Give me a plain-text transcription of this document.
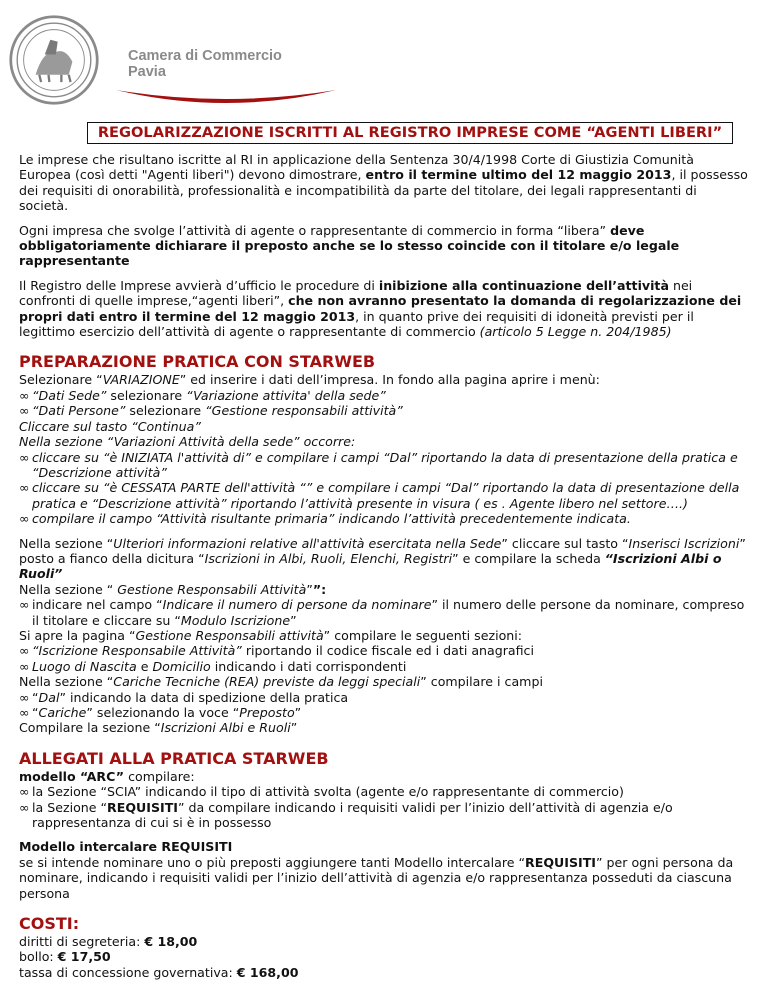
Camera di Commercio
Pavia
REGOLARIZZAZIONE ISCRITTI AL REGISTRO IMPRESE COME “AGENTI LIBERI”

Le imprese che risultano iscritte al RI in applicazione della Sentenza 30/4/1998 Corte di Giustizia Comunità Europea (così detti "Agenti liberi") devono dimostrare, entro il termine ultimo del 12 maggio 2013, il possesso dei requisiti di onorabilità, professionalità e incompatibilità da parte del titolare, dei legali rappresentanti di società.

Ogni impresa che svolge l’attività di agente o rappresentante di commercio in forma “libera” deve obbligatoriamente dichiarare il preposto anche se lo stesso coincide con il titolare e/o legale rappresentante

Il Registro delle Imprese avvierà d’ufficio le procedure di inibizione alla continuazione dell’attività nei confronti di quelle imprese,“agenti liberi”, che non avranno presentato la domanda di regolarizzazione dei propri dati entro il termine del 12 maggio 2013, in quanto prive dei requisiti di idoneità previsti per il legittimo esercizio dell’attività di agente o rappresentante di commercio (articolo 5 Legge n. 204/1985)

PREPARAZIONE PRATICA CON STARWEB
Selezionare “VARIAZIONE” ed inserire i dati dell’impresa. In fondo alla pagina aprire i menù:
∞ “Dati Sede” selezionare “Variazione attivita' della sede”
∞ “Dati Persone” selezionare “Gestione responsabili attività”
Cliccare sul tasto “Continua”
Nella sezione “Variazioni Attività della sede” occorre:
∞ cliccare su “è INIZIATA l'attività di” e compilare i campi “Dal” riportando la data di presentazione della pratica e “Descrizione attività”
∞ cliccare su “è CESSATA PARTE dell'attività “” e compilare i campi “Dal” riportando la data di presentazione della pratica e “Descrizione attività” riportando l’attività presente in visura ( es . Agente libero nel settore….)
∞ compilare il campo “Attività risultante primaria” indicando l’attività precedentemente indicata.
Nella sezione “Ulteriori informazioni relative all'attività esercitata nella Sede” cliccare sul tasto “Inserisci Iscrizioni” posto a fianco della dicitura “Iscrizioni in Albi, Ruoli, Elenchi, Registri” e compilare la scheda “Iscrizioni Albi o Ruoli”
Nella sezione “ Gestione Responsabili Attività””:
∞ indicare nel campo “Indicare il numero di persone da nominare” il numero delle persone da nominare, compreso il titolare e cliccare su “Modulo Iscrizione”
Si apre la pagina “Gestione Responsabili attività” compilare le seguenti sezioni:
∞ “Iscrizione Responsabile Attività” riportando il codice fiscale ed i dati anagrafici
∞ Luogo di Nascita e Domicilio indicando i dati corrispondenti
Nella sezione “Cariche Tecniche (REA) previste da leggi speciali” compilare i campi
∞ “Dal” indicando la data di spedizione della pratica
∞ “Cariche” selezionando la voce “Preposto”
Compilare la sezione “Iscrizioni Albi e Ruoli”
ALLEGATI ALLA PRATICA STARWEB
modello “ARC” compilare:
∞ la Sezione “SCIA” indicando il tipo di attività svolta (agente e/o rappresentante di commercio)
∞ la Sezione “REQUISITI” da compilare indicando i requisiti validi per l’inizio dell’attività di agenzia e/o rappresentanza di cui si è in possesso
Modello intercalare REQUISITI
se si intende nominare uno o più preposti aggiungere tanti Modello intercalare “REQUISITI” per ogni persona da nominare, indicando i requisiti validi per l’inizio dell’attività di agenzia e/o rappresentanza posseduti da ciascuna persona
COSTI:
diritti di segreteria: € 18,00
bollo: € 17,50
tassa di concessione governativa: € 168,00
